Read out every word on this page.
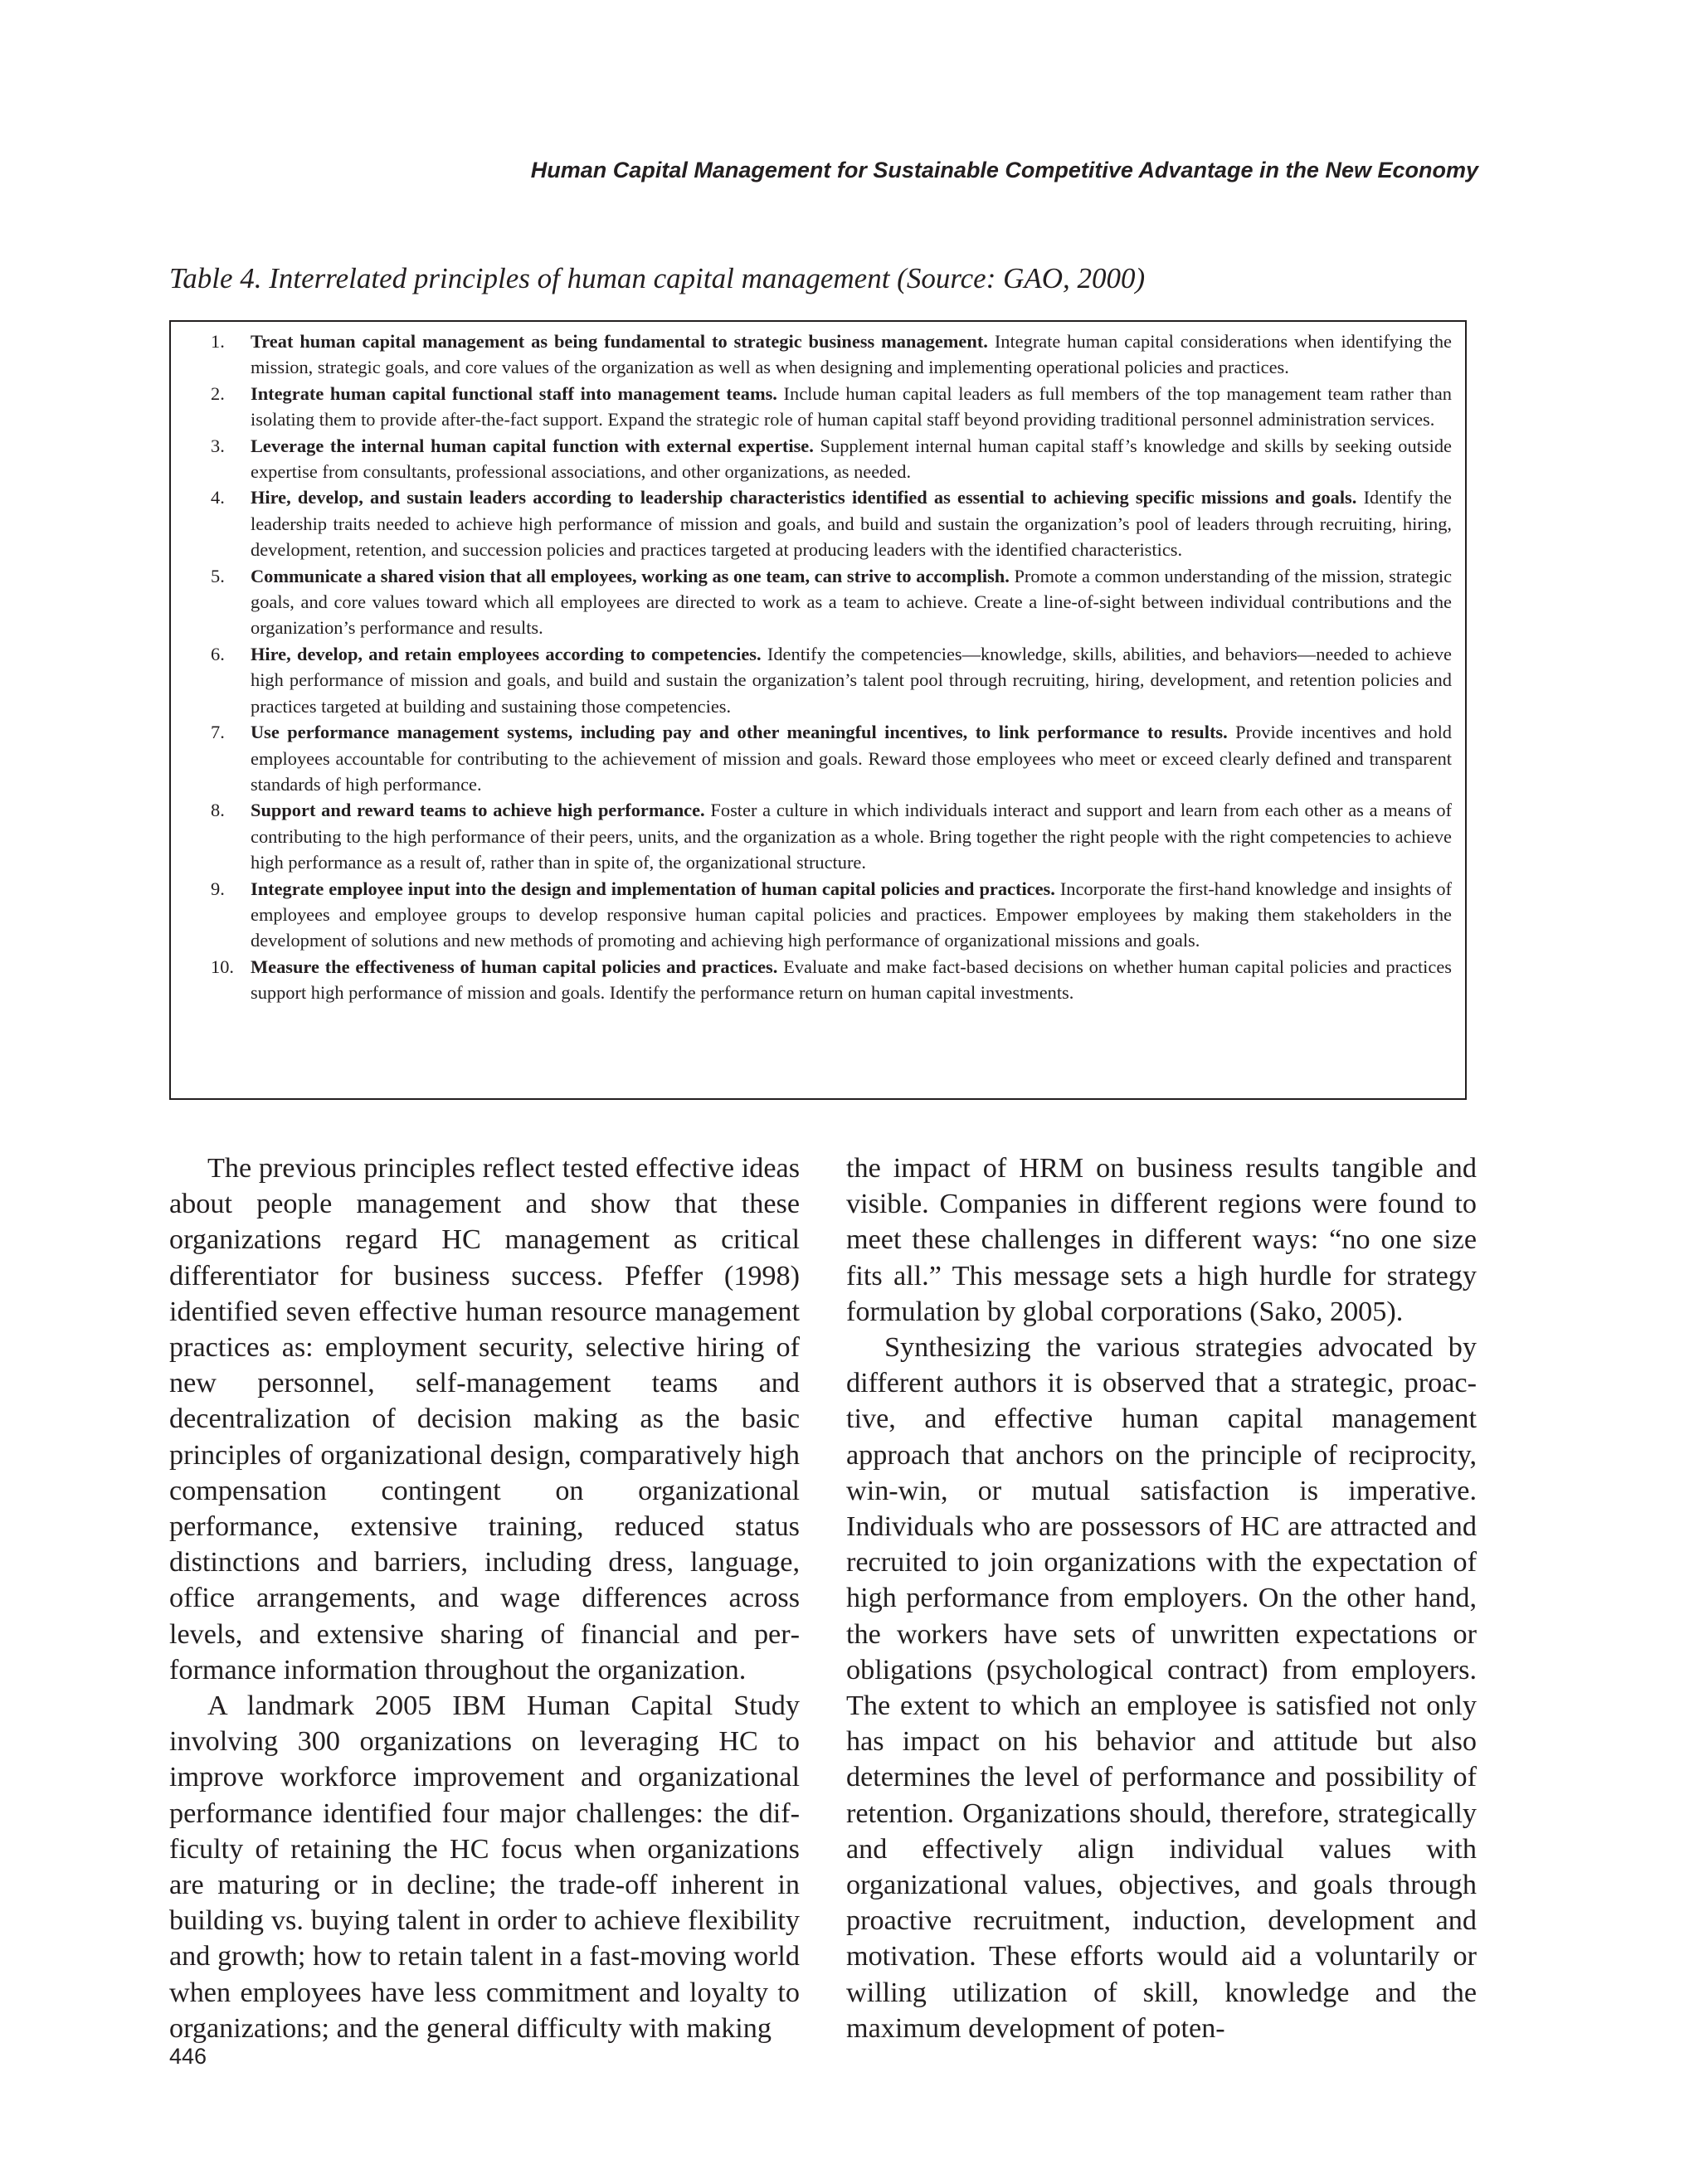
Human Capital Management for Sustainable Competitive Advantage in the New Economy
Table 4. Interrelated principles of human capital management (Source: GAO, 2000)
1.	Treat human capital management as being fundamental to strategic business management. Integrate human capital considerations when identifying the mission, strategic goals, and core values of the organization as well as when designing and implementing operational policies and practices.
2.	Integrate human capital functional staff into management teams. Include human capital leaders as full members of the top management team rather than isolating them to provide after-the-fact support. Expand the strategic role of human capital staff beyond providing traditional personnel administration services.
3.	Leverage the internal human capital function with external expertise. Supplement internal human capital staff’s knowledge and skills by seeking outside expertise from consultants, professional associations, and other organizations, as needed.
4.	Hire, develop, and sustain leaders according to leadership characteristics identified as essential to achieving specific missions and goals. Identify the leadership traits needed to achieve high performance of mission and goals, and build and sustain the organization’s pool of leaders through recruiting, hiring, development, retention, and succession policies and practices targeted at producing leaders with the identified characteristics.
5.	Communicate a shared vision that all employees, working as one team, can strive to accomplish. Promote a common understanding of the mission, strategic goals, and core values toward which all employees are directed to work as a team to achieve. Create a line-of-sight between individual contributions and the organization’s performance and results.
6.	Hire, develop, and retain employees according to competencies. Identify the competencies—knowledge, skills, abilities, and behaviors—needed to achieve high performance of mission and goals, and build and sustain the organization’s talent pool through recruiting, hiring, development, and retention policies and practices targeted at building and sustaining those competencies.
7.	Use performance management systems, including pay and other meaningful incentives, to link performance to results. Provide incentives and hold employees accountable for contributing to the achievement of mission and goals. Reward those employees who meet or exceed clearly defined and transparent standards of high performance.
8.	Support and reward teams to achieve high performance. Foster a culture in which individuals interact and support and learn from each other as a means of contributing to the high performance of their peers, units, and the organization as a whole. Bring together the right people with the right competencies to achieve high performance as a result of, rather than in spite of, the organizational structure.
9.	Integrate employee input into the design and implementation of human capital policies and practices. Incorporate the first-hand knowledge and insights of employees and employee groups to develop responsive human capital policies and practices. Empower employees by making them stakeholders in the development of solutions and new methods of promoting and achieving high performance of organizational missions and goals.
10. Measure the effectiveness of human capital policies and practices. Evaluate and make fact-based decisions on whether human capital policies and practices support high performance of mission and goals. Identify the performance return on human capital investments.

The previous principles reflect tested effective ideas about people management and show that these organizations regard HC management as critical differentiator for business success. Pfeffer (1998) identified seven effective human resource management practices as: employment security, selective hiring of new personnel, self-management teams and decentralization of decision making as the basic principles of organizational design, comparatively high compensation contingent on organizational performance, extensive training, reduced status distinctions and barriers, including dress, language, office arrangements, and wage differences across levels, and extensive sharing of financial and performance information throughout the organization.

A landmark 2005 IBM Human Capital Study involving 300 organizations on leveraging HC to improve workforce improvement and organizational performance identified four major challenges: the difficulty of retaining the HC focus when organizations are maturing or in decline; the trade-off inherent in building vs. buying talent in order to achieve flexibility and growth; how to retain talent in a fast-moving world when employees have less commitment and loyalty to organizations; and the general difficulty with making

the impact of HRM on business results tangible and visible. Companies in different regions were found to meet these challenges in different ways: “no one size fits all.” This message sets a high hurdle for strategy formulation by global corporations (Sako, 2005).

Synthesizing the various strategies advocated by different authors it is observed that a strategic, proactive, and effective human capital management approach that anchors on the principle of reciprocity, win-win, or mutual satisfaction is imperative. Individuals who are possessors of HC are attracted and recruited to join organizations with the expectation of high performance from employers. On the other hand, the workers have sets of unwritten expectations or obligations (psychological contract) from employers. The extent to which an employee is satisfied not only has impact on his behavior and attitude but also determines the level of performance and possibility of retention. Organizations should, therefore, strategically and effectively align individual values with organizational values, objectives, and goals through proactive recruitment, induction, development and motivation. These efforts would aid a voluntarily or willing utilization of skill, knowledge and the maximum development of poten-

446
